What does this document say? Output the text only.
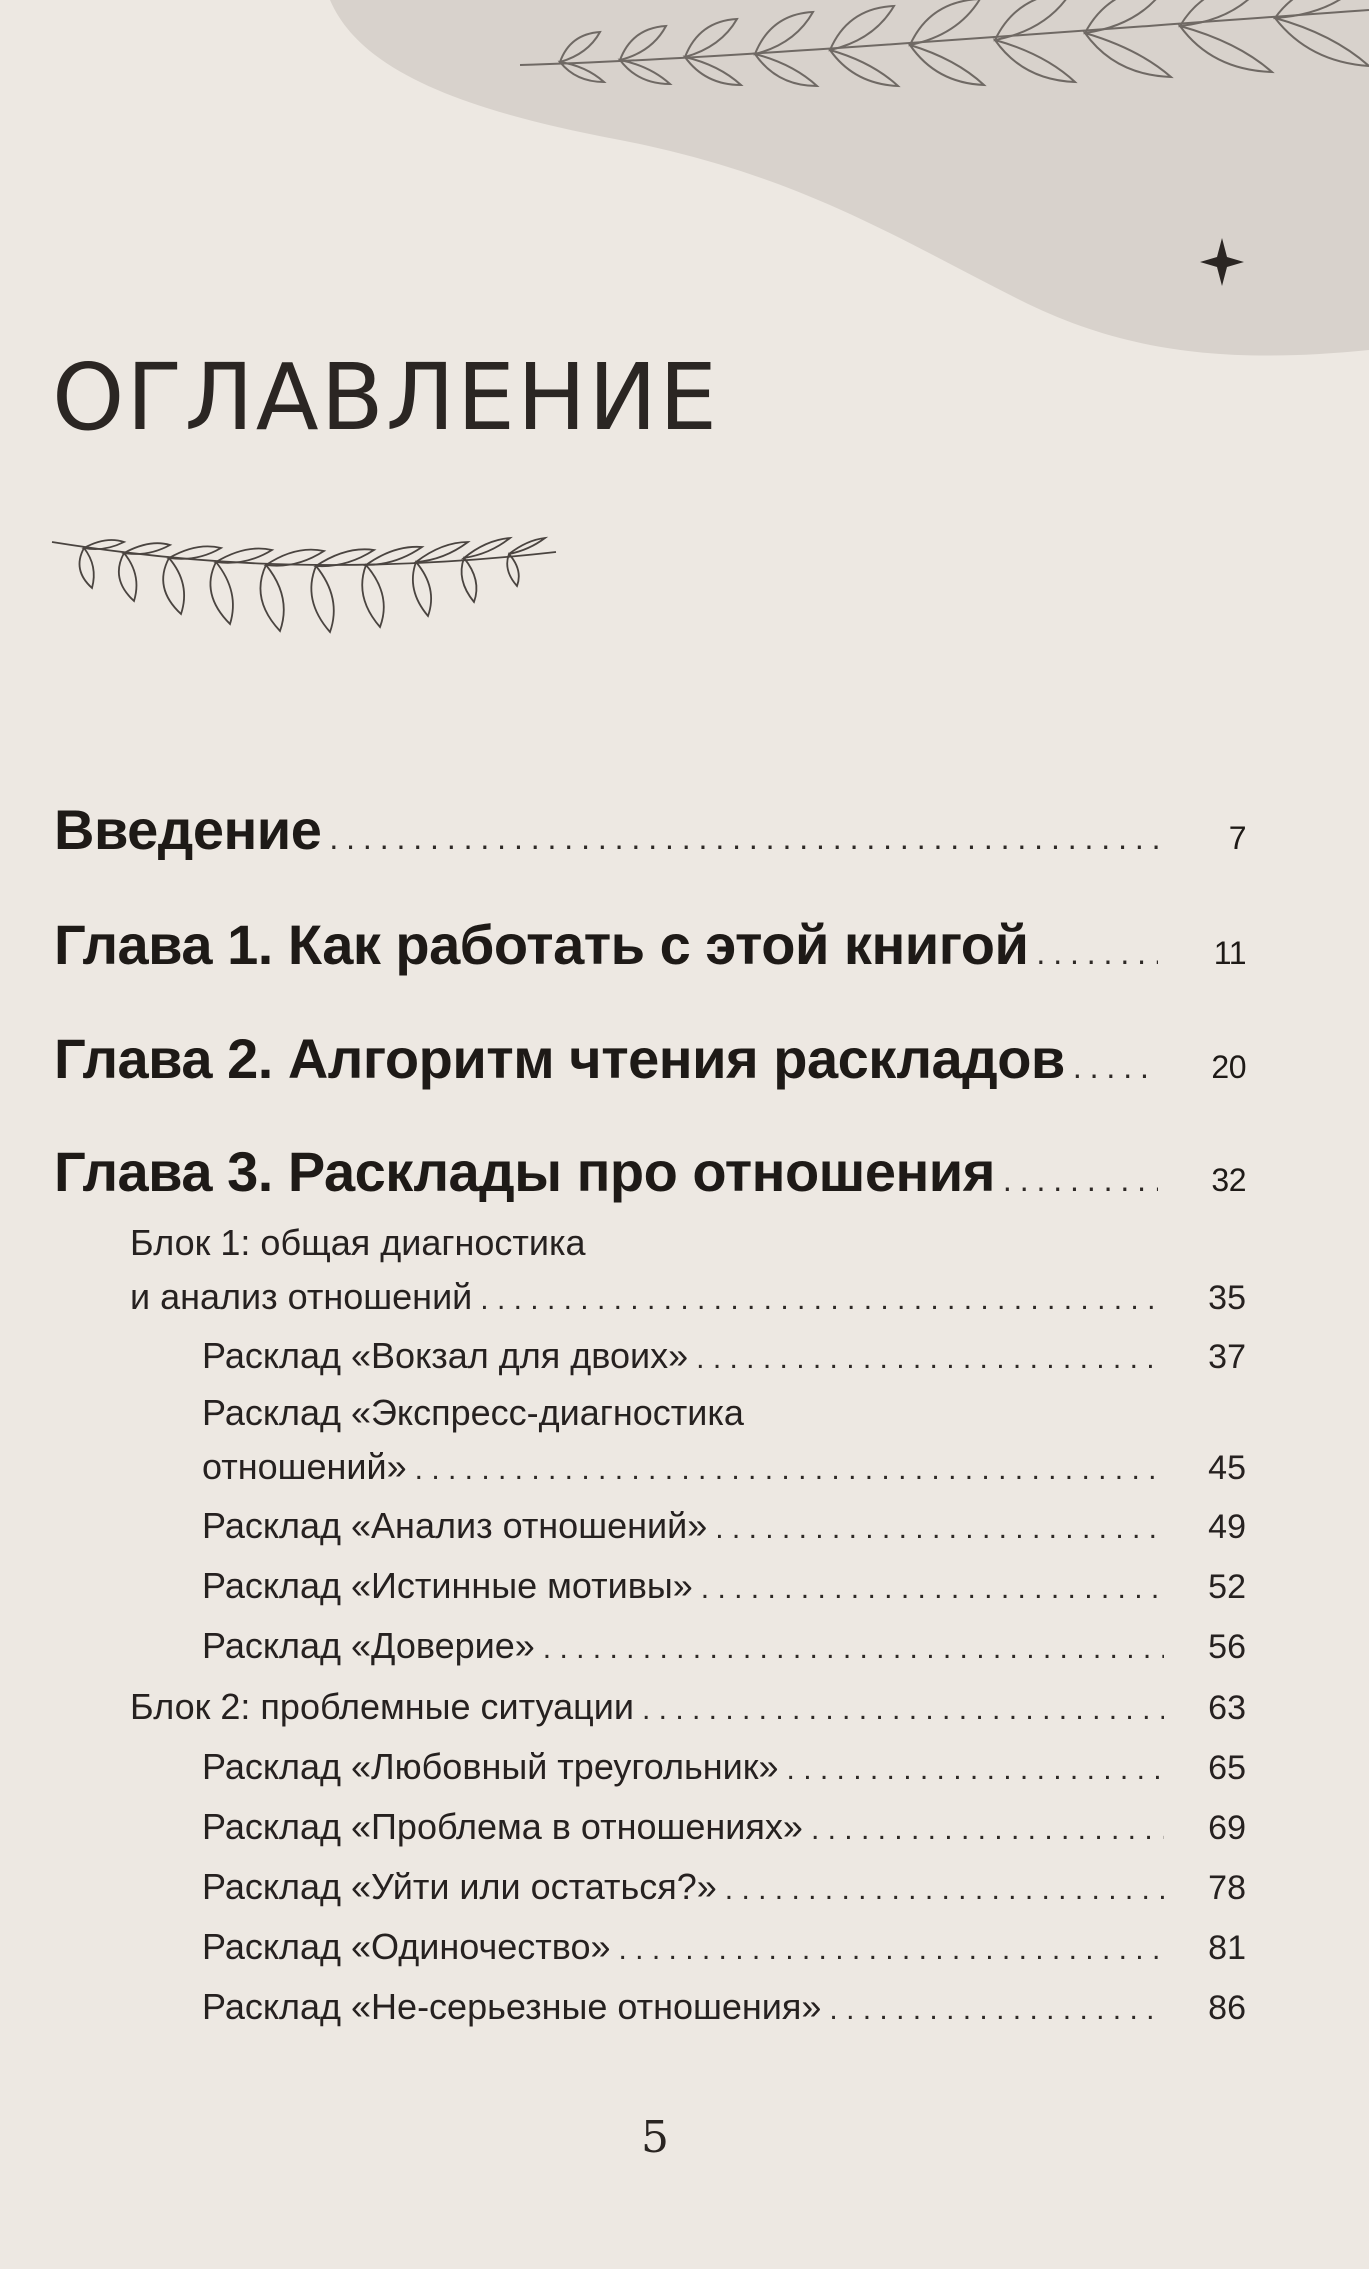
ОГЛАВЛЕНИЕ
Введение . . .	7
Глава 1. Как работать с этой книгой . . .	11
Глава 2. Алгоритм чтения раскладов . . .	20
Глава 3. Расклады про отношения . . .	32
Блок 1: общая диагностика
и анализ отношений . . .	35
Расклад «Вокзал для двоих» . . .	37
Расклад «Экспресс-диагностика
отношений» . . .	45
Расклад «Анализ отношений» . . .	49
Расклад «Истинные мотивы» . . .	52
Расклад «Доверие» . . .	56
Блок 2: проблемные ситуации . . .	63
Расклад «Любовный треугольник» . . .	65
Расклад «Проблема в отношениях» . . .	69
Расклад «Уйти или остаться?» . . .	78
Расклад «Одиночество» . . .	81
Расклад «Не-серьезные отношения» . . .	86
5
